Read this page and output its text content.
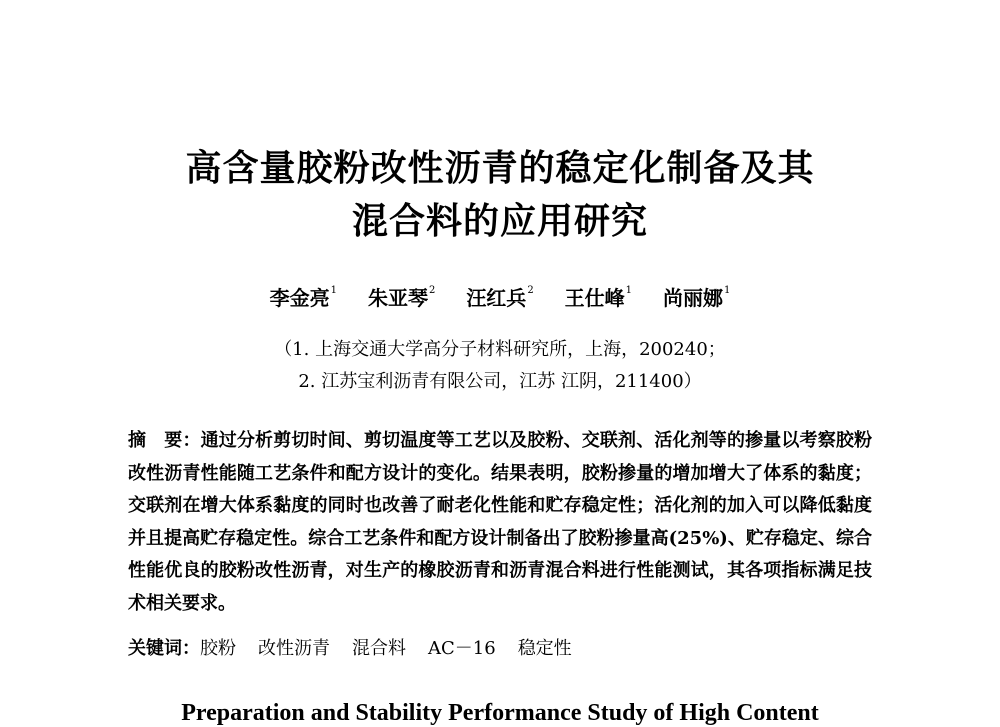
高含量胶粉改性沥青的稳定化制备及其
混合料的应用研究
李金亮$^1$ 朱亚琴$^2$ 汪红兵$^2$ 王仕峰$^1$ 尚丽娜$^1$
（1. 上海交通大学高分子材料研究所，上海，200240；
2. 江苏宝利沥青有限公司，江苏 江阴，211400）
摘　要：通过分析剪切时间、剪切温度等工艺以及胶粉、交联剂、活化剂等的掺量以考察胶粉改性沥青性能随工艺条件和配方设计的变化。结果表明，胶粉掺量的增加增大了体系的黏度；交联剂在增大体系黏度的同时也改善了耐老化性能和贮存稳定性；活化剂的加入可以降低黏度并且提高贮存稳定性。综合工艺条件和配方设计制备出了胶粉掺量高(25%)、贮存稳定、综合性能优良的胶粉改性沥青，对生产的橡胶沥青和沥青混合料进行性能测试，其各项指标满足技术相关要求。
关键词：胶粉 改性沥青 混合料 AC－16 稳定性
Preparation and Stability Performance Study of High Content
